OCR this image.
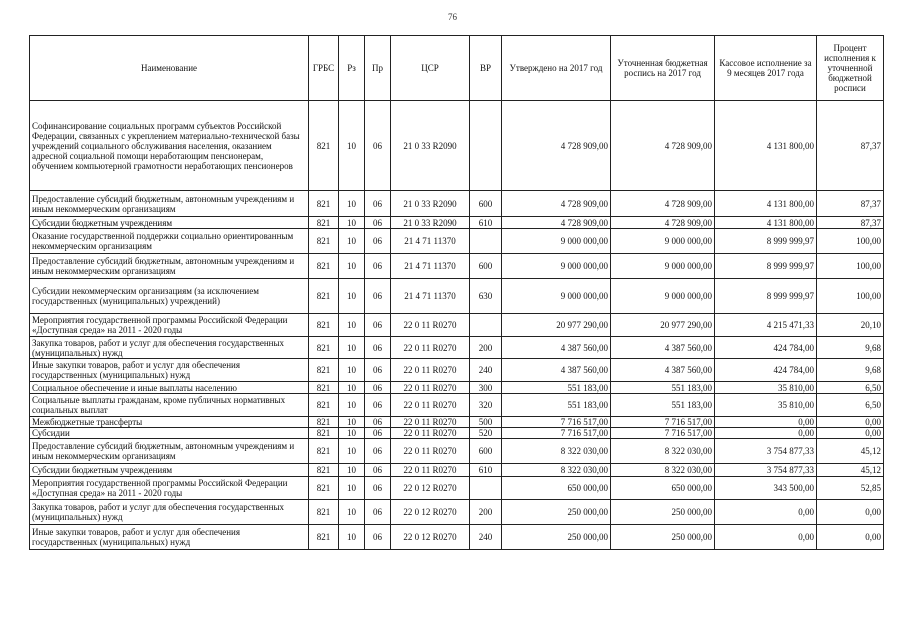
76
Наименование	ГРБС	Рз	Пр	ЦСР	ВР	Утверждено на 2017 год	Уточненная бюджетная роспись на 2017 год	Кассовое исполнение за 9 месяцев 2017 года	Процент исполнения к уточненной бюджетной росписи
Софинансирование социальных программ субъектов Российской Федерации, связанных с укреплением материально-технической базы учреждений социального обслуживания населения, оказанием адресной социальной помощи неработающим пенсионерам, обучением компьютерной грамотности неработающих пенсионеров	821	10	06	21 0 33 R2090		4 728 909,00	4 728 909,00	4 131 800,00	87,37
Предоставление субсидий бюджетным, автономным учреждениям и иным некоммерческим организациям	821	10	06	21 0 33 R2090	600	4 728 909,00	4 728 909,00	4 131 800,00	87,37
Субсидии бюджетным учреждениям	821	10	06	21 0 33 R2090	610	4 728 909,00	4 728 909,00	4 131 800,00	87,37
Оказание государственной поддержки социально ориентированным некоммерческим организациям	821	10	06	21 4 71 11370		9 000 000,00	9 000 000,00	8 999 999,97	100,00
Предоставление субсидий бюджетным, автономным учреждениям и иным некоммерческим организациям	821	10	06	21 4 71 11370	600	9 000 000,00	9 000 000,00	8 999 999,97	100,00
Субсидии некоммерческим организациям (за исключением государственных (муниципальных) учреждений)	821	10	06	21 4 71 11370	630	9 000 000,00	9 000 000,00	8 999 999,97	100,00
Мероприятия государственной программы Российской Федерации «Доступная среда» на 2011 - 2020 годы	821	10	06	22 0 11 R0270		20 977 290,00	20 977 290,00	4 215 471,33	20,10
Закупка товаров, работ и услуг для обеспечения государственных (муниципальных) нужд	821	10	06	22 0 11 R0270	200	4 387 560,00	4 387 560,00	424 784,00	9,68
Иные закупки товаров, работ и услуг для обеспечения государственных (муниципальных) нужд	821	10	06	22 0 11 R0270	240	4 387 560,00	4 387 560,00	424 784,00	9,68
Социальное обеспечение и иные выплаты населению	821	10	06	22 0 11 R0270	300	551 183,00	551 183,00	35 810,00	6,50
Социальные выплаты гражданам, кроме публичных нормативных социальных выплат	821	10	06	22 0 11 R0270	320	551 183,00	551 183,00	35 810,00	6,50
Межбюджетные трансферты	821	10	06	22 0 11 R0270	500	7 716 517,00	7 716 517,00	0,00	0,00
Субсидии	821	10	06	22 0 11 R0270	520	7 716 517,00	7 716 517,00	0,00	0,00
Предоставление субсидий бюджетным, автономным учреждениям и иным некоммерческим организациям	821	10	06	22 0 11 R0270	600	8 322 030,00	8 322 030,00	3 754 877,33	45,12
Субсидии бюджетным учреждениям	821	10	06	22 0 11 R0270	610	8 322 030,00	8 322 030,00	3 754 877,33	45,12
Мероприятия государственной программы Российской Федерации «Доступная среда» на 2011 - 2020 годы	821	10	06	22 0 12 R0270		650 000,00	650 000,00	343 500,00	52,85
Закупка товаров, работ и услуг для обеспечения государственных (муниципальных) нужд	821	10	06	22 0 12 R0270	200	250 000,00	250 000,00	0,00	0,00
Иные закупки товаров, работ и услуг для обеспечения государственных (муниципальных) нужд	821	10	06	22 0 12 R0270	240	250 000,00	250 000,00	0,00	0,00
